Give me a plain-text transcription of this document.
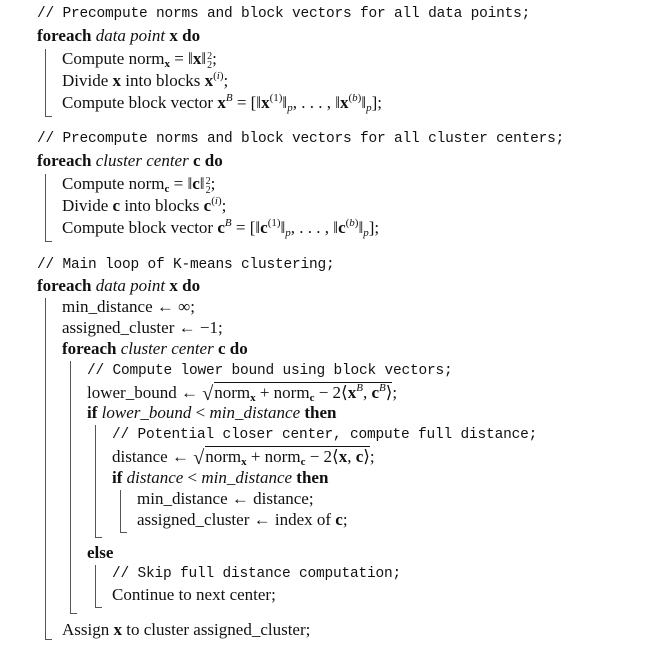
// Precompute norms and block vectors for all data points;
foreach data point x do
Compute norm$_x$ = ‖x‖ 2
2 ;
Divide x into blocks $x^{(i)}$;
Compute block vector $x^B$ = [$‖x^{(1)}‖_p$, . . . , $‖x^{(b)}‖_p$];
// Precompute norms and block vectors for all cluster centers;
foreach cluster center c do
Compute norm$_c$ = ‖c‖ 2
2 ;
Divide c into blocks $c^{(i)}$;
Compute block vector $c^B$ = [$‖c^{(1)}‖_p$, . . . , $‖c^{(b)}‖_p$];
// Main loop of K-means clustering;
foreach data point x do
min_distance ← ∞;
assigned_cluster ← −1;
foreach cluster center c do
// Compute lower bound using block vectors;
lower_bound ← √norm$_x$ + norm$_c$ − $2⟨x^B$, $c^B⟩$;
if lower_bound < min_distance then
// Potential closer center, compute full distance;
distance ← √norm$_x$ + norm$_c$ − 2⟨x, c⟩;
if distance < min_distance then
min_distance ← distance;
assigned_cluster ← index of c;
else
// Skip full distance computation;
Continue to next center;
Assign x to cluster assigned_cluster;
